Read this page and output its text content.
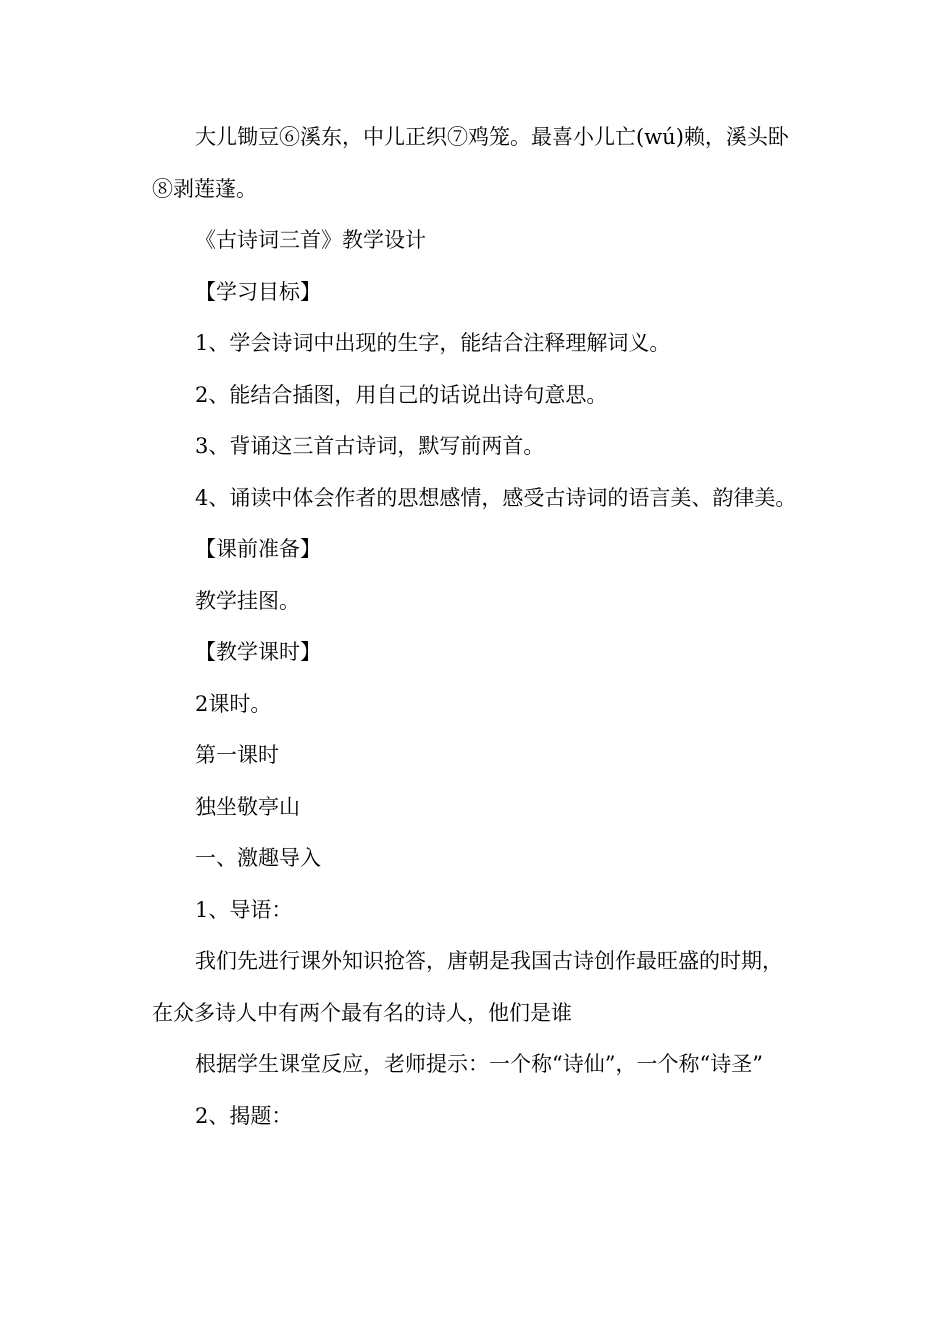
大儿锄豆⑥溪东，中儿正织⑦鸡笼。最喜小儿亡(wú)赖，溪头卧⑧剥莲蓬。

《古诗词三首》教学设计

【学习目标】

1、学会诗词中出现的生字，能结合注释理解词义。

2、能结合插图，用自己的话说出诗句意思。

3、背诵这三首古诗词，默写前两首。

4、诵读中体会作者的思想感情，感受古诗词的语言美、韵律美。

【课前准备】

教学挂图。

【教学课时】

2课时。

第一课时

独坐敬亭山

一、激趣导入

1、导语：

我们先进行课外知识抢答，唐朝是我国古诗创作最旺盛的时期，在众多诗人中有两个最有名的诗人，他们是谁

根据学生课堂反应，老师提示：一个称“诗仙”，一个称“诗圣”

2、揭题：
